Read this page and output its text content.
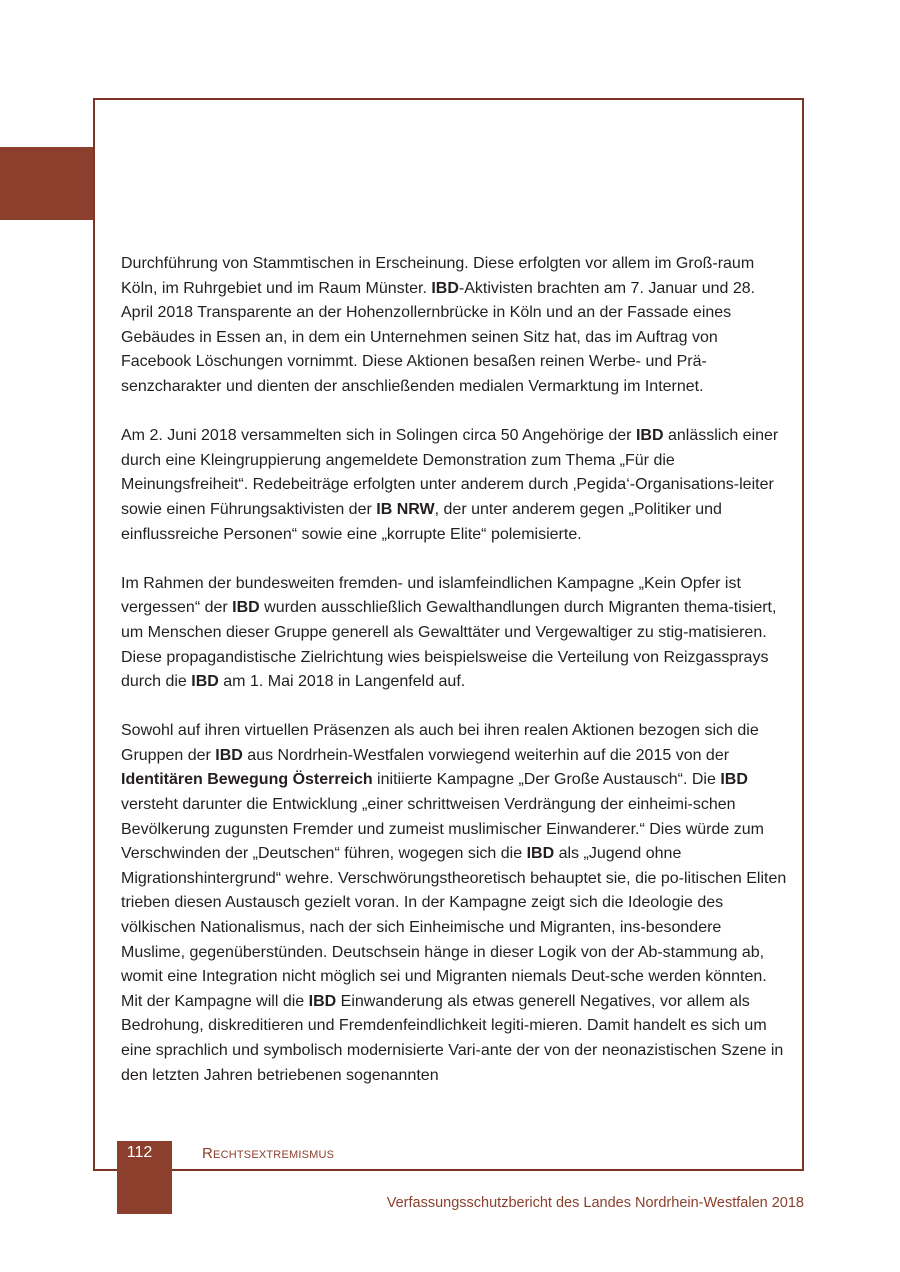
Durchführung von Stammtischen in Erscheinung. Diese erfolgten vor allem im Groß-raum Köln, im Ruhrgebiet und im Raum Münster. IBD-Aktivisten brachten am 7. Januar und 28. April 2018 Transparente an der Hohenzollernbrücke in Köln und an der Fassade eines Gebäudes in Essen an, in dem ein Unternehmen seinen Sitz hat, das im Auftrag von Facebook Löschungen vornimmt. Diese Aktionen besaßen reinen Werbe- und Prä-senzcharakter und dienten der anschließenden medialen Vermarktung im Internet.

Am 2. Juni 2018 versammelten sich in Solingen circa 50 Angehörige der IBD anlässlich einer durch eine Kleingruppierung angemeldete Demonstration zum Thema „Für die Meinungsfreiheit“. Redebeiträge erfolgten unter anderem durch ‚Pegida‘-Organisations-leiter sowie einen Führungsaktivisten der IB NRW, der unter anderem gegen „Politiker und einflussreiche Personen“ sowie eine „korrupte Elite“ polemisierte.

Im Rahmen der bundesweiten fremden- und islamfeindlichen Kampagne „Kein Opfer ist vergessen“ der IBD wurden ausschließlich Gewalthandlungen durch Migranten thema-tisiert, um Menschen dieser Gruppe generell als Gewalttäter und Vergewaltiger zu stig-matisieren. Diese propagandistische Zielrichtung wies beispielsweise die Verteilung von Reizgassprays durch die IBD am 1. Mai 2018 in Langenfeld auf.

Sowohl auf ihren virtuellen Präsenzen als auch bei ihren realen Aktionen bezogen sich die Gruppen der IBD aus Nordrhein-Westfalen vorwiegend weiterhin auf die 2015 von der Identitären Bewegung Österreich initiierte Kampagne „Der Große Austausch“. Die IBD versteht darunter die Entwicklung „einer schrittweisen Verdrängung der einheimi-schen Bevölkerung zugunsten Fremder und zumeist muslimischer Einwanderer.“ Dies würde zum Verschwinden der „Deutschen“ führen, wogegen sich die IBD als „Jugend ohne Migrationshintergrund“ wehre. Verschwörungstheoretisch behauptet sie, die po-litischen Eliten trieben diesen Austausch gezielt voran. In der Kampagne zeigt sich die Ideologie des völkischen Nationalismus, nach der sich Einheimische und Migranten, ins-besondere Muslime, gegenüberstünden. Deutschsein hänge in dieser Logik von der Ab-stammung ab, womit eine Integration nicht möglich sei und Migranten niemals Deut-sche werden könnten. Mit der Kampagne will die IBD Einwanderung als etwas generell Negatives, vor allem als Bedrohung, diskreditieren und Fremdenfeindlichkeit legiti-mieren. Damit handelt es sich um eine sprachlich und symbolisch modernisierte Vari-ante der von der neonazistischen Szene in den letzten Jahren betriebenen sogenannten

112	Rechtsextremismus
Verfassungsschutzbericht des Landes Nordrhein-Westfalen 2018
